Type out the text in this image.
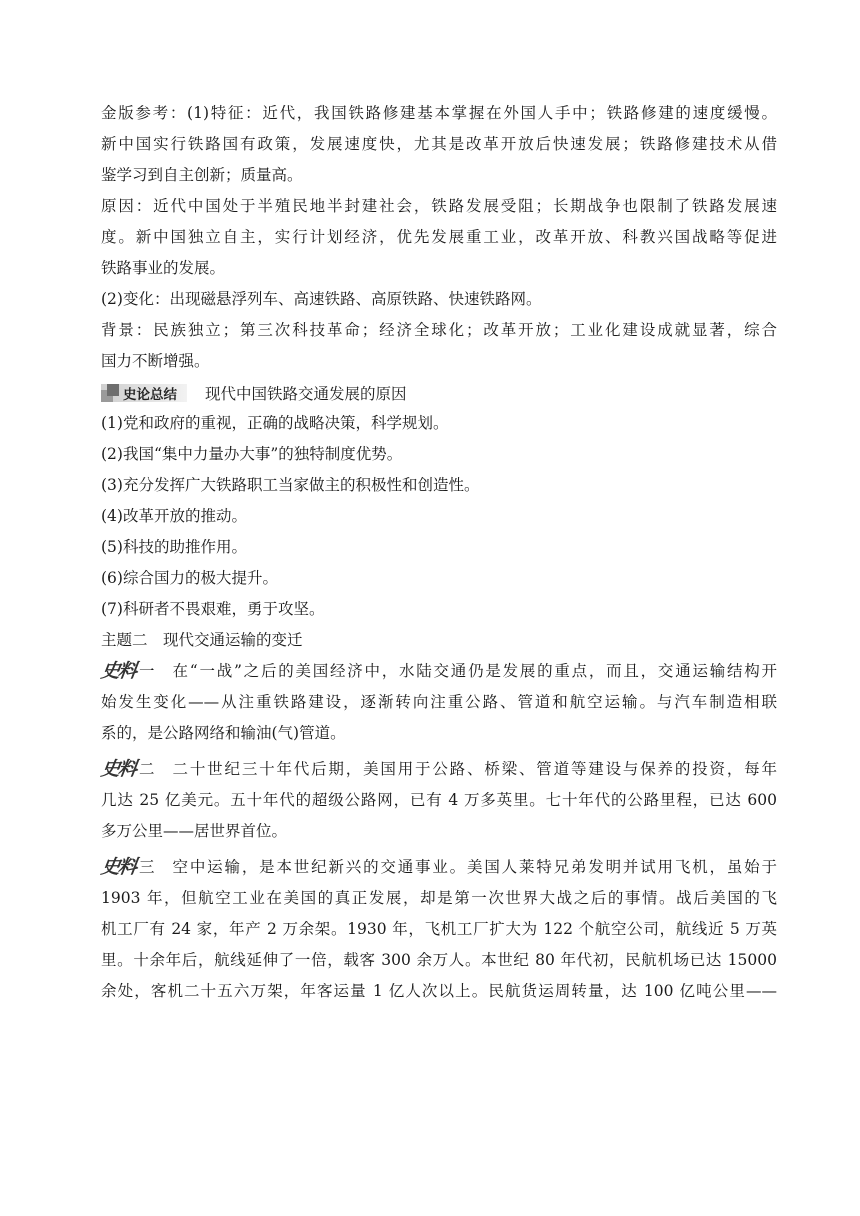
金版参考：(1)特征：近代，我国铁路修建基本掌握在外国人手中；铁路修建的速度缓慢。
新中国实行铁路国有政策，发展速度快，尤其是改革开放后快速发展；铁路修建技术从借
鉴学习到自主创新；质量高。
原因：近代中国处于半殖民地半封建社会，铁路发展受阻；长期战争也限制了铁路发展速
度。新中国独立自主，实行计划经济，优先发展重工业，改革开放、科教兴国战略等促进
铁路事业的发展。
(2)变化：出现磁悬浮列车、高速铁路、高原铁路、快速铁路网。
背景：民族独立；第三次科技革命；经济全球化；改革开放；工业化建设成就显著，综合
国力不断增强。
史论总结 现代中国铁路交通发展的原因
(1)党和政府的重视，正确的战略决策，科学规划。
(2)我国“集中力量办大事”的独特制度优势。
(3)充分发挥广大铁路职工当家做主的积极性和创造性。
(4)改革开放的推动。
(5)科技的助推作用。
(6)综合国力的极大提升。
(7)科研者不畏艰难，勇于攻坚。
主题二　现代交通运输的变迁
史料 一 在“一战”之后的美国经济中，水陆交通仍是发展的重点，而且，交通运输结构开
始发生变化——从注重铁路建设，逐渐转向注重公路、管道和航空运输。与汽车制造相联
系的，是公路网络和输油(气)管道。
史料 二 二十世纪三十年代后期，美国用于公路、桥梁、管道等建设与保养的投资，每年
几达 25 亿美元。五十年代的超级公路网，已有 4 万多英里。七十年代的公路里程，已达 600
多万公里——居世界首位。
史料 三 空中运输，是本世纪新兴的交通事业。美国人莱特兄弟发明并试用飞机，虽始于
1903 年，但航空工业在美国的真正发展，却是第一次世界大战之后的事情。战后美国的飞
机工厂有 24 家，年产 2 万余架。1930 年，飞机工厂扩大为 122 个航空公司，航线近 5 万英
里。十余年后，航线延伸了一倍，载客 300 余万人。本世纪 80 年代初，民航机场已达 15000
余处，客机二十五六万架，年客运量 1 亿人次以上。民航货运周转量，达 100 亿吨公里——
